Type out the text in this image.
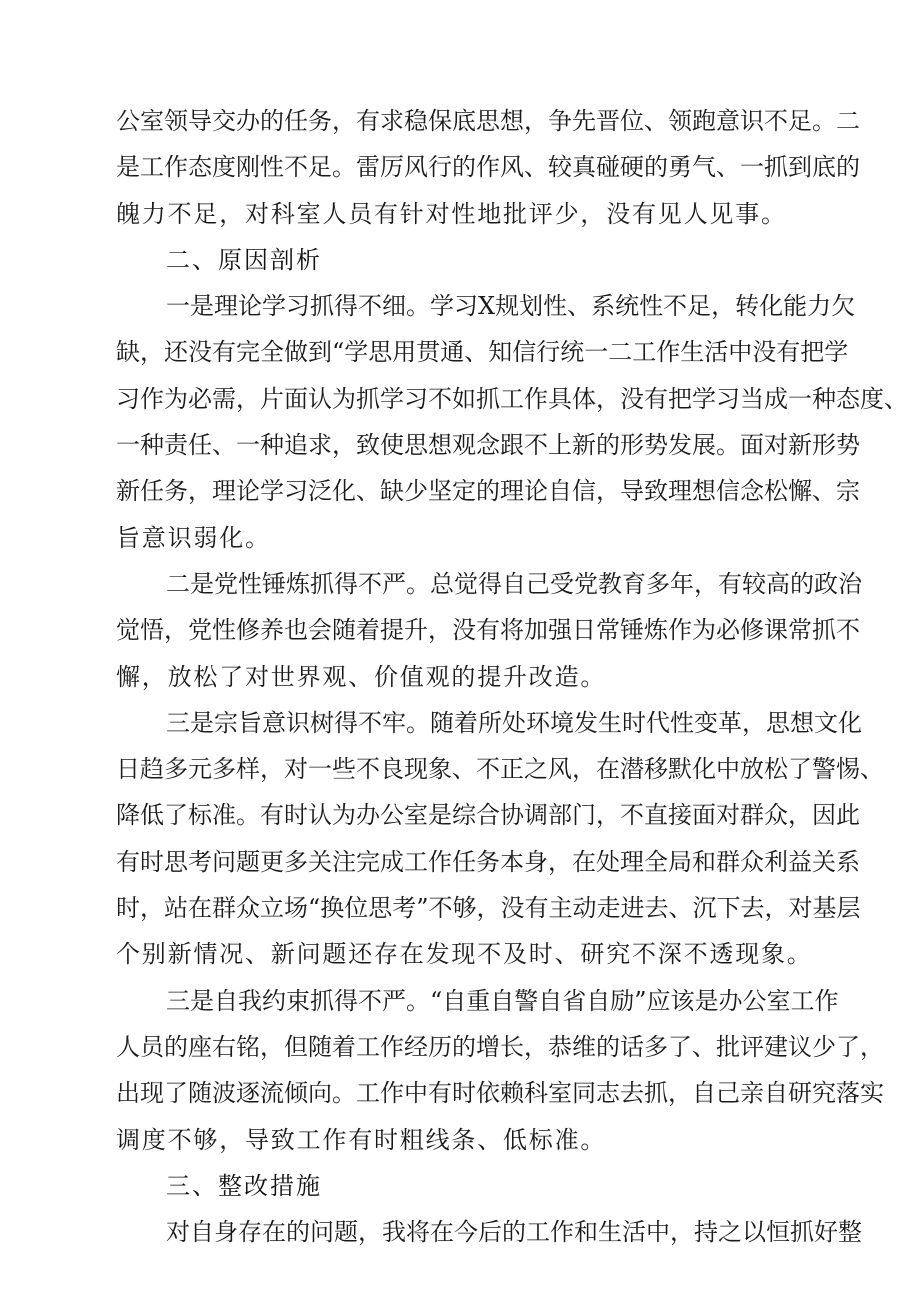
公室领导交办的任务，有求稳保底思想，争先晋位、领跑意识不足。二
是工作态度刚性不足。雷厉风行的作风、较真碰硬的勇气、一抓到底的
魄力不足，对科室人员有针对性地批评少，没有见人见事。
二、原因剖析
一是理论学习抓得不细。学习X规划性、系统性不足，转化能力欠
缺，还没有完全做到“学思用贯通、知信行统一二工作生活中没有把学
习作为必需，片面认为抓学习不如抓工作具体，没有把学习当成一种态度、
一种责任、一种追求，致使思想观念跟不上新的形势发展。面对新形势
新任务，理论学习泛化、缺少坚定的理论自信，导致理想信念松懈、宗
旨意识弱化。
二是党性锤炼抓得不严。总觉得自己受党教育多年，有较高的政治
觉悟，党性修养也会随着提升，没有将加强日常锤炼作为必修课常抓不
懈，放松了对世界观、价值观的提升改造。
三是宗旨意识树得不牢。随着所处环境发生时代性变革，思想文化
日趋多元多样，对一些不良现象、不正之风，在潜移默化中放松了警惕、
降低了标准。有时认为办公室是综合协调部门，不直接面对群众，因此
有时思考问题更多关注完成工作任务本身，在处理全局和群众利益关系
时，站在群众立场“换位思考”不够，没有主动走进去、沉下去，对基层
个别新情况、新问题还存在发现不及时、研究不深不透现象。
三是自我约束抓得不严。“自重自警自省自励”应该是办公室工作
人员的座右铭，但随着工作经历的增长，恭维的话多了、批评建议少了，
出现了随波逐流倾向。工作中有时依赖科室同志去抓，自己亲自研究落实
调度不够，导致工作有时粗线条、低标准。
三、整改措施
对自身存在的问题，我将在今后的工作和生活中，持之以恒抓好整
